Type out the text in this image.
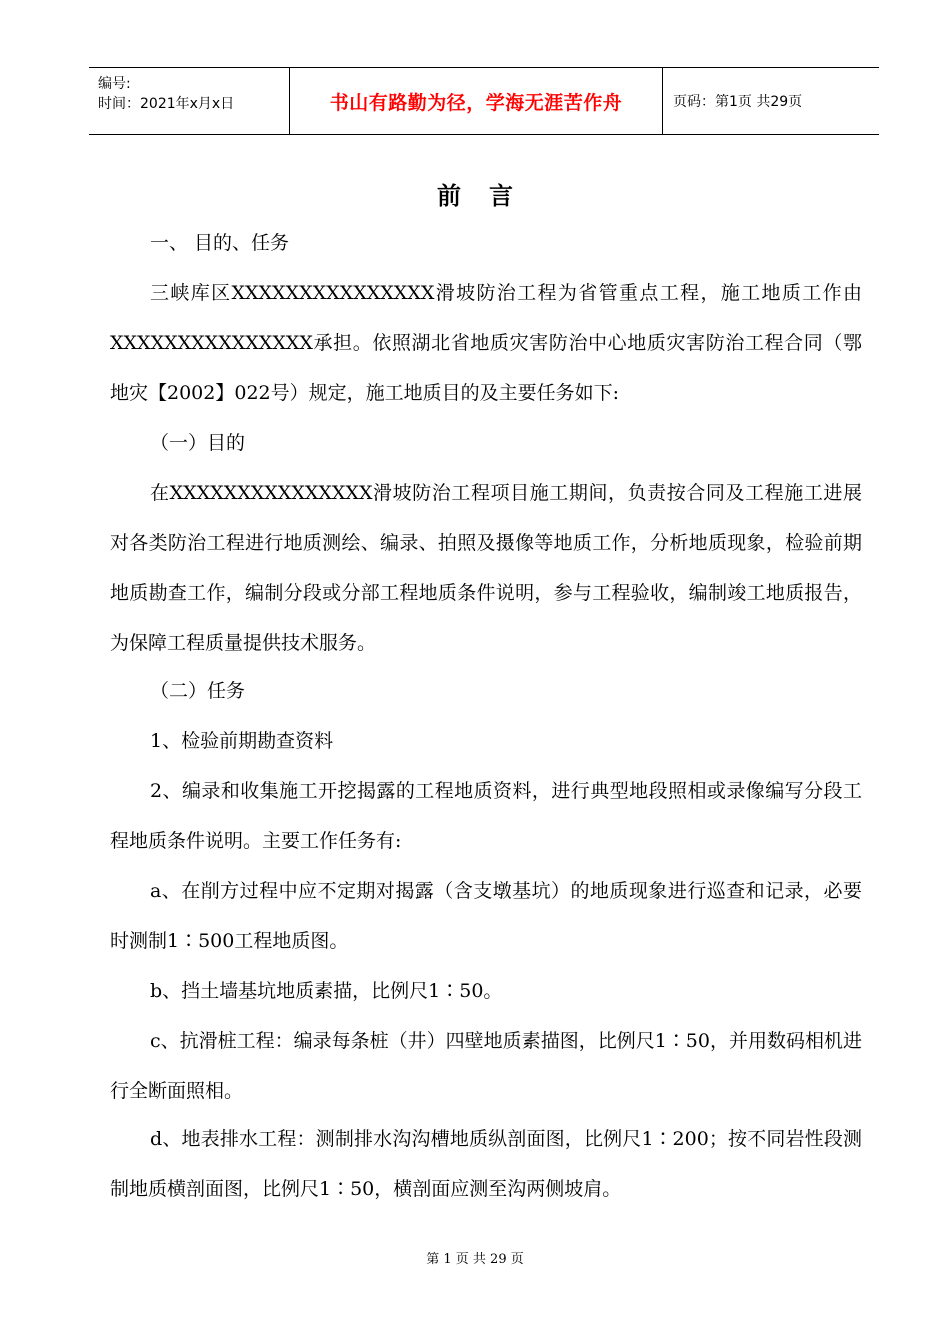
编号:
时间：2021年x月x日	书山有路勤为径，学海无涯苦作舟	页码：第1页 共29页
前言
一、 目的、任务
三峡库区XXXXXXXXXXXXXXX滑坡防治工程为省管重点工程，施工地质工作由XXXXXXXXXXXXXXX承担。依照湖北省地质灾害防治中心地质灾害防治工程合同（鄂地灾【2002】022号）规定，施工地质目的及主要任务如下:
（一）目的
在XXXXXXXXXXXXXXX滑坡防治工程项目施工期间，负责按合同及工程施工进展对各类防治工程进行地质测绘、编录、拍照及摄像等地质工作，分析地质现象，检验前期地质勘查工作，编制分段或分部工程地质条件说明，参与工程验收，编制竣工地质报告，为保障工程质量提供技术服务。
（二）任务
1、检验前期勘查资料
2、编录和收集施工开挖揭露的工程地质资料，进行典型地段照相或录像编写分段工程地质条件说明。主要工作任务有:
a、在削方过程中应不定期对揭露（含支墩基坑）的地质现象进行巡查和记录，必要时测制1∶500工程地质图。
b、挡土墙基坑地质素描，比例尺1∶50。
c、抗滑桩工程：编录每条桩（井）四壁地质素描图，比例尺1∶50，并用数码相机进行全断面照相。
d、地表排水工程：测制排水沟沟槽地质纵剖面图，比例尺1∶200；按不同岩性段测制地质横剖面图，比例尺1∶50，横剖面应测至沟两侧坡肩。
第 1 页 共 29 页
